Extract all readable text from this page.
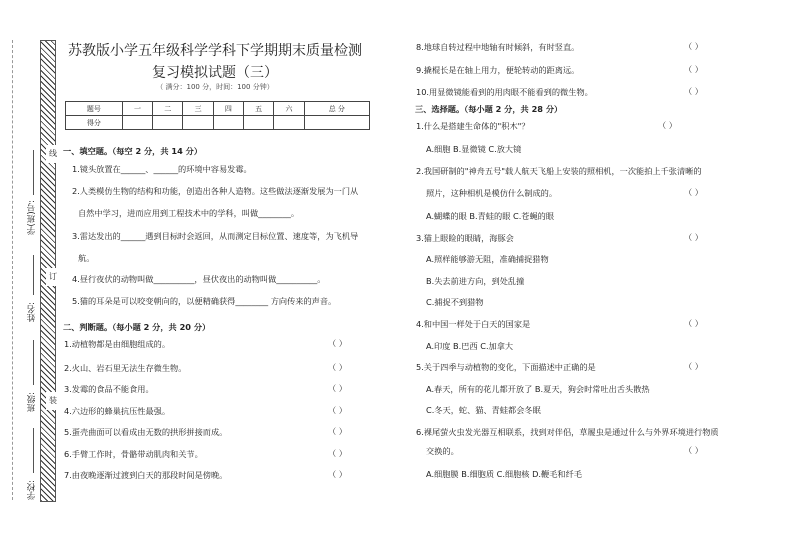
线
订
装
学(班)号:
姓名:
班级:
学校:
苏教版小学五年级科学学科下学期期末质量检测
复习模拟试题（三）
（ 满分：100 分，时间：100 分钟）
题号	一	二	三	四	五	六	总 分
得分							
一、填空题。（每空 2 分，共 14 分）
1.镜头放置在______、______的环境中容易发霉。
2.人类模仿生物的结构和功能，创造出各种人造物。这些做法逐渐发展为一门从
自然中学习，进而应用到工程技术中的学科，叫做________。
3.雷达发出的______遇到目标时会返回，从而测定目标位置、速度等，为飞机导
航。
4.昼行夜伏的动物叫做__________，昼伏夜出的动物叫做__________。
5.猫的耳朵是可以咬变朝向的，以便精确获得________ 方向传来的声音。
二、判断题。（每小题 2 分，共 20 分）
1.动植物都是由细胞组成的。	（ ）
2.火山、岩石里无法生存微生物。	（ ）
3.发霉的食品不能食用。	（ ）
4.六边形的蜂巢抗压性最强。	（ ）
5.蛋壳曲面可以看成由无数的拱形拼接而成。	（ ）
6.手臂工作时，骨骼带动肌肉和关节。	（ ）
7.由夜晚逐渐过渡到白天的那段时间是傍晚。	（ ）
8.地球自转过程中地轴有时倾斜，有时竖直。	（ ）
9.撬棍长是在轴上用力，便轮转动的距离远。	（ ）
10.用显微镜能看到的用肉眼不能看到的微生物。	（ ）
三、选择题。（每小题 2 分，共 28 分）
1.什么是搭建生命体的"积木"？	（ ）
A.细胞 B.显微镜 C.放大镜
2.我国研制的"神舟五号"载人航天飞船上安装的照相机，一次能拍上千张清晰的
照片，这种相机是模仿什么制成的。	（ ）
A.蝴蝶的眼 B.青蛙的眼 C.苍蝇的眼
3.猫上眼睑的眼睛，海豚会	（ ）
A.照样能够游无阻，准确捕捉猎物
B.失去前进方向，到处乱撞
C.捕捉不到猎物
4.和中国一样处于白天的国家是	（ ）
A.印度 B.巴西 C.加拿大
5.关于四季与动植物的变化，下面描述中正确的是	（ ）
A.春天，所有的花儿都开放了 B.夏天，狗会时常吐出舌头散热
C.冬天，蛇、猫、青蛙都会冬眠
6.裸尾萤火虫发光器互相联系，找到对伴侣，草履虫是通过什么与外界环境进行物质
交换的。	（ ）
A.细胞膜 B.细胞质 C.细胞核 D.鞭毛和纤毛
